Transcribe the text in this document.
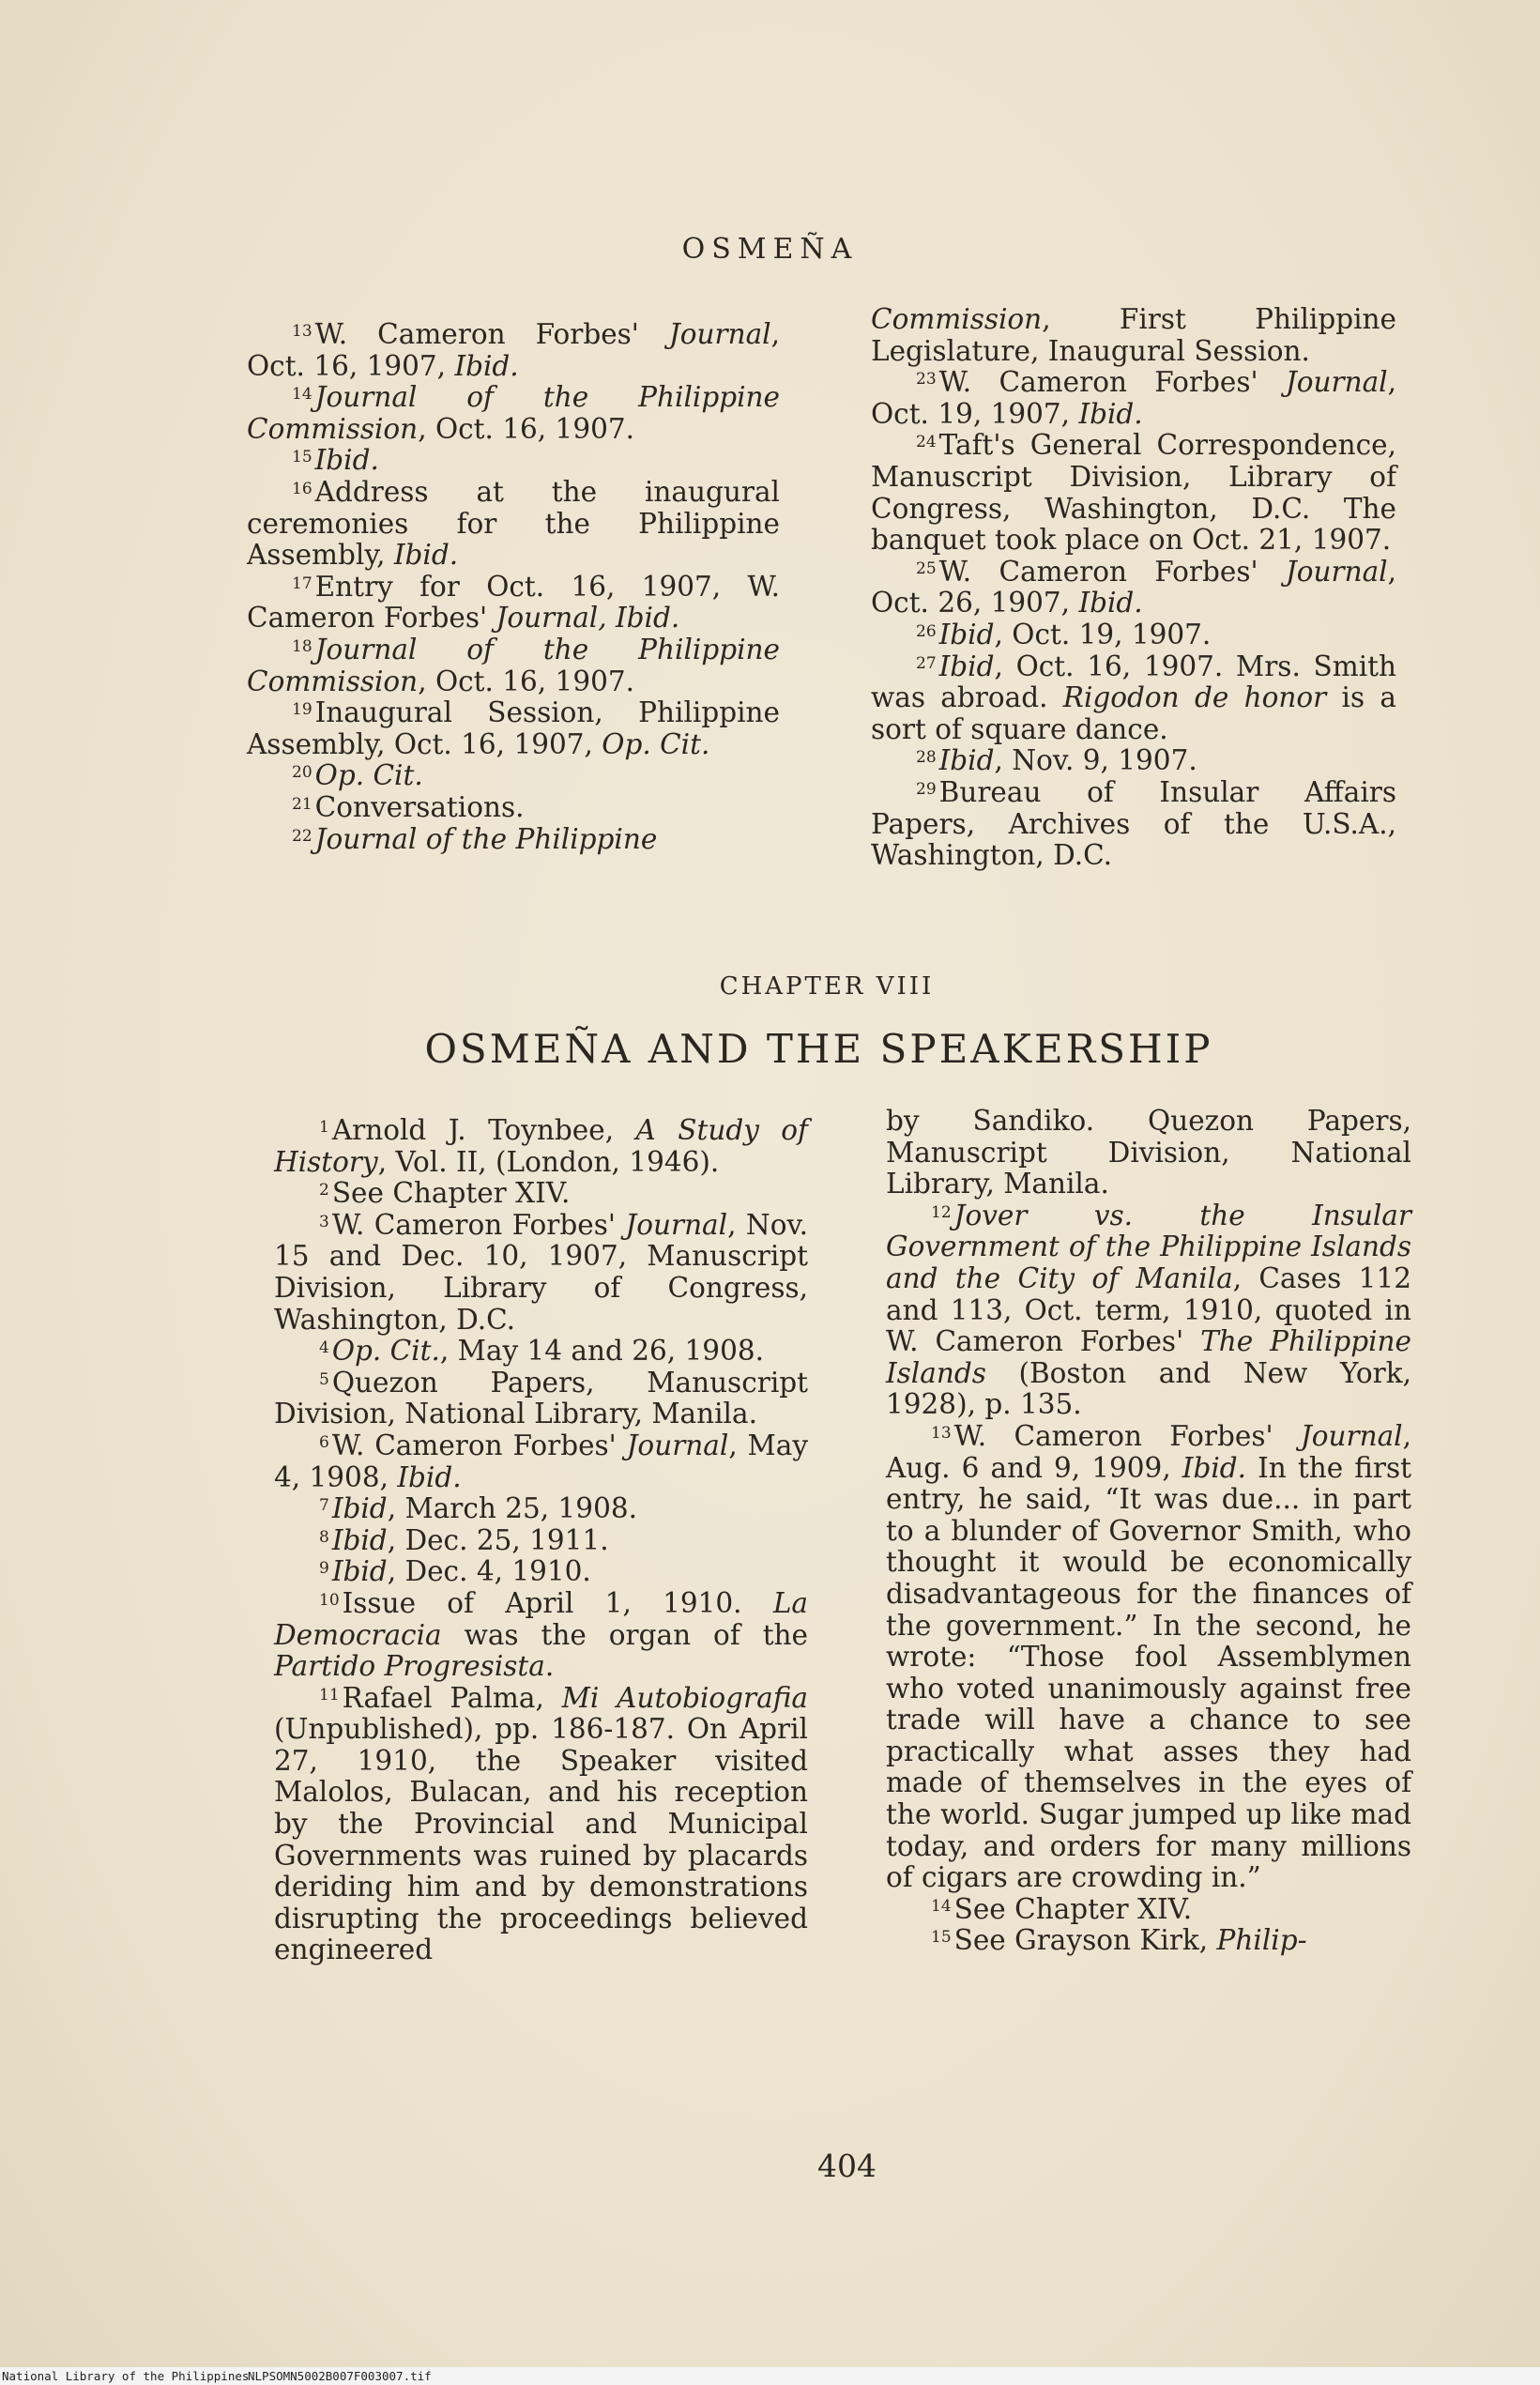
OSMEÑA

$^{13}$ W. Cameron Forbes' Journal, Oct. 16, 1907, Ibid.

$^{14}$ Journal of the Philippine Commission, Oct. 16, 1907.

$^{15}$ Ibid.

$^{16}$ Address at the inaugural ceremonies for the Philippine Assembly, Ibid.

$^{17}$ Entry for Oct. 16, 1907, W. Cameron Forbes' Journal, Ibid.

$^{18}$ Journal of the Philippine Commission, Oct. 16, 1907.

$^{19}$ Inaugural Session, Philippine Assembly, Oct. 16, 1907, Op. Cit.

$^{20}$ Op. Cit.

$^{21}$ Conversations.

$^{22}$ Journal of the Philippine

Commission, First Philippine Legislature, Inaugural Session.

$^{23}$ W. Cameron Forbes' Journal, Oct. 19, 1907, Ibid.

$^{24}$ Taft's General Correspondence, Manuscript Division, Library of Congress, Washington, D.C. The banquet took place on Oct. 21, 1907.

$^{25}$ W. Cameron Forbes' Journal, Oct. 26, 1907, Ibid.

$^{26}$ Ibid, Oct. 19, 1907.

$^{27}$ Ibid, Oct. 16, 1907. Mrs. Smith was abroad. Rigodon de honor is a sort of square dance.

$^{28}$ Ibid, Nov. 9, 1907.

$^{29}$ Bureau of Insular Affairs Papers, Archives of the U.S.A., Washington, D.C.

CHAPTER VIII
OSMEÑA AND THE SPEAKERSHIP

$^1$ Arnold J. Toynbee, A Study of History, Vol. II, (London, 1946).

$^2$ See Chapter XIV.

$^3$ W. Cameron Forbes' Journal, Nov. 15 and Dec. 10, 1907, Manuscript Division, Library of Congress, Washington, D.C.

$^4$ Op. Cit., May 14 and 26, 1908.

$^5$ Quezon Papers, Manuscript Division, National Library, Manila.

$^6$ W. Cameron Forbes' Journal, May 4, 1908, Ibid.

$^7$ Ibid, March 25, 1908.

$^8$ Ibid, Dec. 25, 1911.

$^9$ Ibid, Dec. 4, 1910.

$^{10}$ Issue of April 1, 1910. La Democracia was the organ of the Partido Progresista.

$^{11}$ Rafael Palma, Mi Autobiografia (Unpublished), pp. 186-187. On April 27, 1910, the Speaker visited Malolos, Bulacan, and his reception by the Provincial and Municipal Governments was ruined by placards deriding him and by demonstrations disrupting the proceedings believed engineered

by Sandiko. Quezon Papers, Manuscript Division, National Library, Manila.

$^{12}$ Jover vs. the Insular Government of the Philippine Islands and the City of Manila, Cases 112 and 113, Oct. term, 1910, quoted in W. Cameron Forbes' The Philippine Islands (Boston and New York, 1928), p. 135.

$^{13}$ W. Cameron Forbes' Journal, Aug. 6 and 9, 1909, Ibid. In the first entry, he said, “It was due... in part to a blunder of Governor Smith, who thought it would be economically disadvantageous for the finances of the government.” In the second, he wrote: “Those fool Assemblymen who voted unanimously against free trade will have a chance to see practically what asses they had made of themselves in the eyes of the world. Sugar jumped up like mad today, and orders for many millions of cigars are crowding in.”

$^{14}$ See Chapter XIV.

$^{15}$ See Grayson Kirk, Philip-

404
National Library of the Philippines
NLPSOMN5002B007F003007.tif
